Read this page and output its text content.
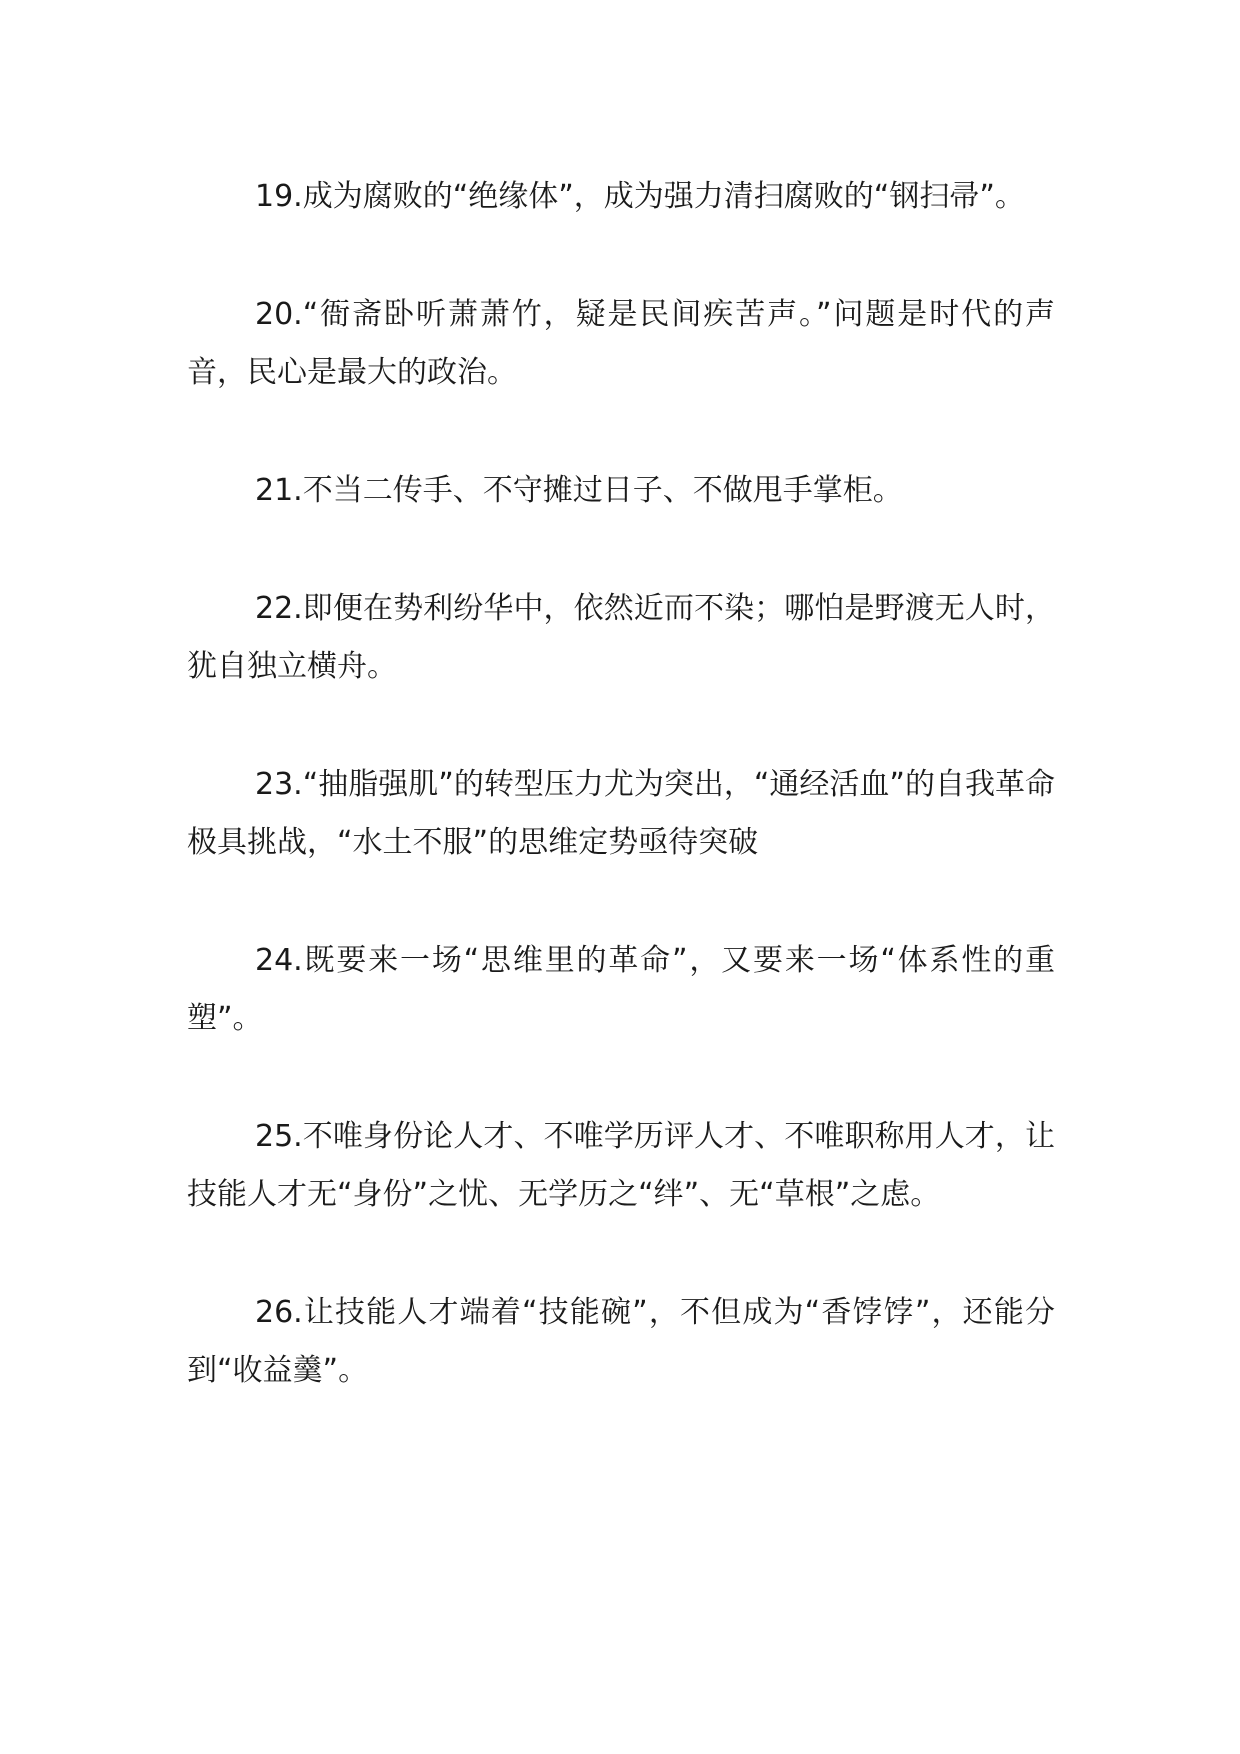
19.成为腐败的“绝缘体”，成为强力清扫腐败的“钢扫帚”。

20.“衙斋卧听萧萧竹，疑是民间疾苦声。”问题是时代的声音，民心是最大的政治。

21.不当二传手、不守摊过日子、不做甩手掌柜。

22.即便在势利纷华中，依然近而不染；哪怕是野渡无人时，犹自独立横舟。

23.“抽脂强肌”的转型压力尤为突出，“通经活血”的自我革命极具挑战，“水土不服”的思维定势亟待突破

24.既要来一场“思维里的革命”，又要来一场“体系性的重塑”。

25.不唯身份论人才、不唯学历评人才、不唯职称用人才，让技能人才无“身份”之忧、无学历之“绊”、无“草根”之虑。

26.让技能人才端着“技能碗”，不但成为“香饽饽”，还能分到“收益羹”。
